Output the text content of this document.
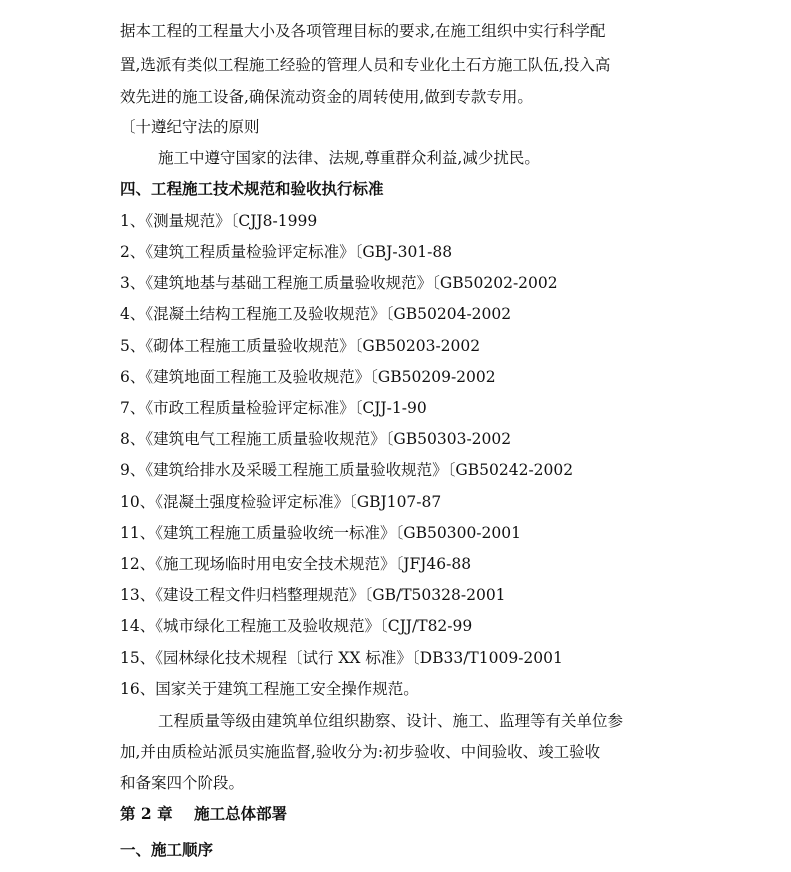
据本工程的工程量大小及各项管理目标的要求,在施工组织中实行科学配
置,选派有类似工程施工经验的管理人员和专业化土石方施工队伍,投入高
效先进的施工设备,确保流动资金的周转使用,做到专款专用。
〔十遵纪守法的原则
施工中遵守国家的法律、法规,尊重群众利益,减少扰民。
四、工程施工技术规范和验收执行标准
1、《测量规范》〔CJJ8-1999
2、《建筑工程质量检验评定标准》〔GBJ-301-88
3、《建筑地基与基础工程施工质量验收规范》〔GB50202-2002
4、《混凝土结构工程施工及验收规范》〔GB50204-2002
5、《砌体工程施工质量验收规范》〔GB50203-2002
6、《建筑地面工程施工及验收规范》〔GB50209-2002
7、《市政工程质量检验评定标准》〔CJJ-1-90
8、《建筑电气工程施工质量验收规范》〔GB50303-2002
9、《建筑给排水及采暖工程施工质量验收规范》〔GB50242-2002
10、《混凝土强度检验评定标准》〔GBJ107-87
11、《建筑工程施工质量验收统一标准》〔GB50300-2001
12、《施工现场临时用电安全技术规范》〔JFJ46-88
13、《建设工程文件归档整理规范》〔GB/T50328-2001
14、《城市绿化工程施工及验收规范》〔CJJ/T82-99
15、《园林绿化技术规程〔试行 XX 标准》〔DB33/T1009-2001
16、国家关于建筑工程施工安全操作规范。
工程质量等级由建筑单位组织勘察、设计、施工、监理等有关单位参
加,并由质检站派员实施监督,验收分为:初步验收、中间验收、竣工验收
和备案四个阶段。
第 2 章    施工总体部署
一、施工顺序
